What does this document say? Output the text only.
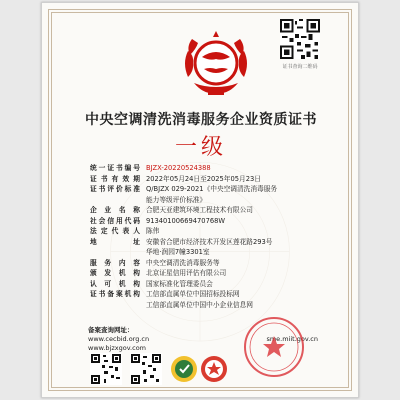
证书查询二维码
中央空调清洗消毒服务企业资质证书
一级
统一证书编号 BJZX-20220524388
证书有效期 2022年05月24日至2025年05月23日
证书评价标准 Q/BJZX 029-2021《中央空调清洗消毒服务
能力等级评价标准》
企业名称 合肥天亚建筑环境工程技术有限公司
社会信用代码 91340100669470768W
法定代表人 陈伟
地址 安徽省合肥市经济技术开发区莲花路293号
华地·润园7幢3301室
服务内容 中央空调清洗消毒服务等
颁发机构 北京证星信用评估有限公司
认可机构 国家标准化管理委员会
证书备案机构 工信部直属单位中国招标投标网
工信部直属单位中国中小企业信息网
备案查询网址：
www.cecbid.org.cn
www.bjzxgov.com

sme.miit.gov.cn
